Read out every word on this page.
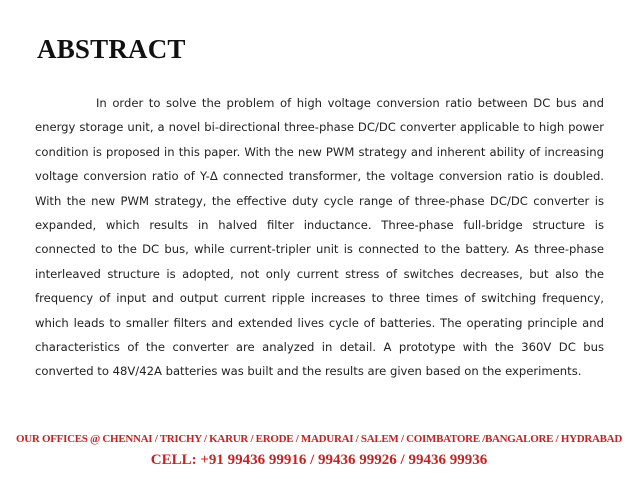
ABSTRACT

In order to solve the problem of high voltage conversion ratio between DC bus and energy storage unit, a novel bi-directional three-phase DC/DC converter applicable to high power condition is proposed in this paper. With the new PWM strategy and inherent ability of increasing voltage conversion ratio of Y-Δ connected transformer, the voltage conversion ratio is doubled. With the new PWM strategy, the effective duty cycle range of three-phase DC/DC converter is expanded, which results in halved filter inductance. Three-phase full-bridge structure is connected to the DC bus, while current-tripler unit is connected to the battery. As three-phase interleaved structure is adopted, not only current stress of switches decreases, but also the frequency of input and output current ripple increases to three times of switching frequency, which leads to smaller filters and extended lives cycle of batteries. The operating principle and characteristics of the converter are analyzed in detail. A prototype with the 360V DC bus converted to 48V/42A batteries was built and the results are given based on the experiments.

OUR OFFICES @ CHENNAI / TRICHY / KARUR / ERODE / MADURAI / SALEM / COIMBATORE /BANGALORE / HYDRABAD
CELL: +91 99436 99916 / 99436 99926 / 99436 99936
